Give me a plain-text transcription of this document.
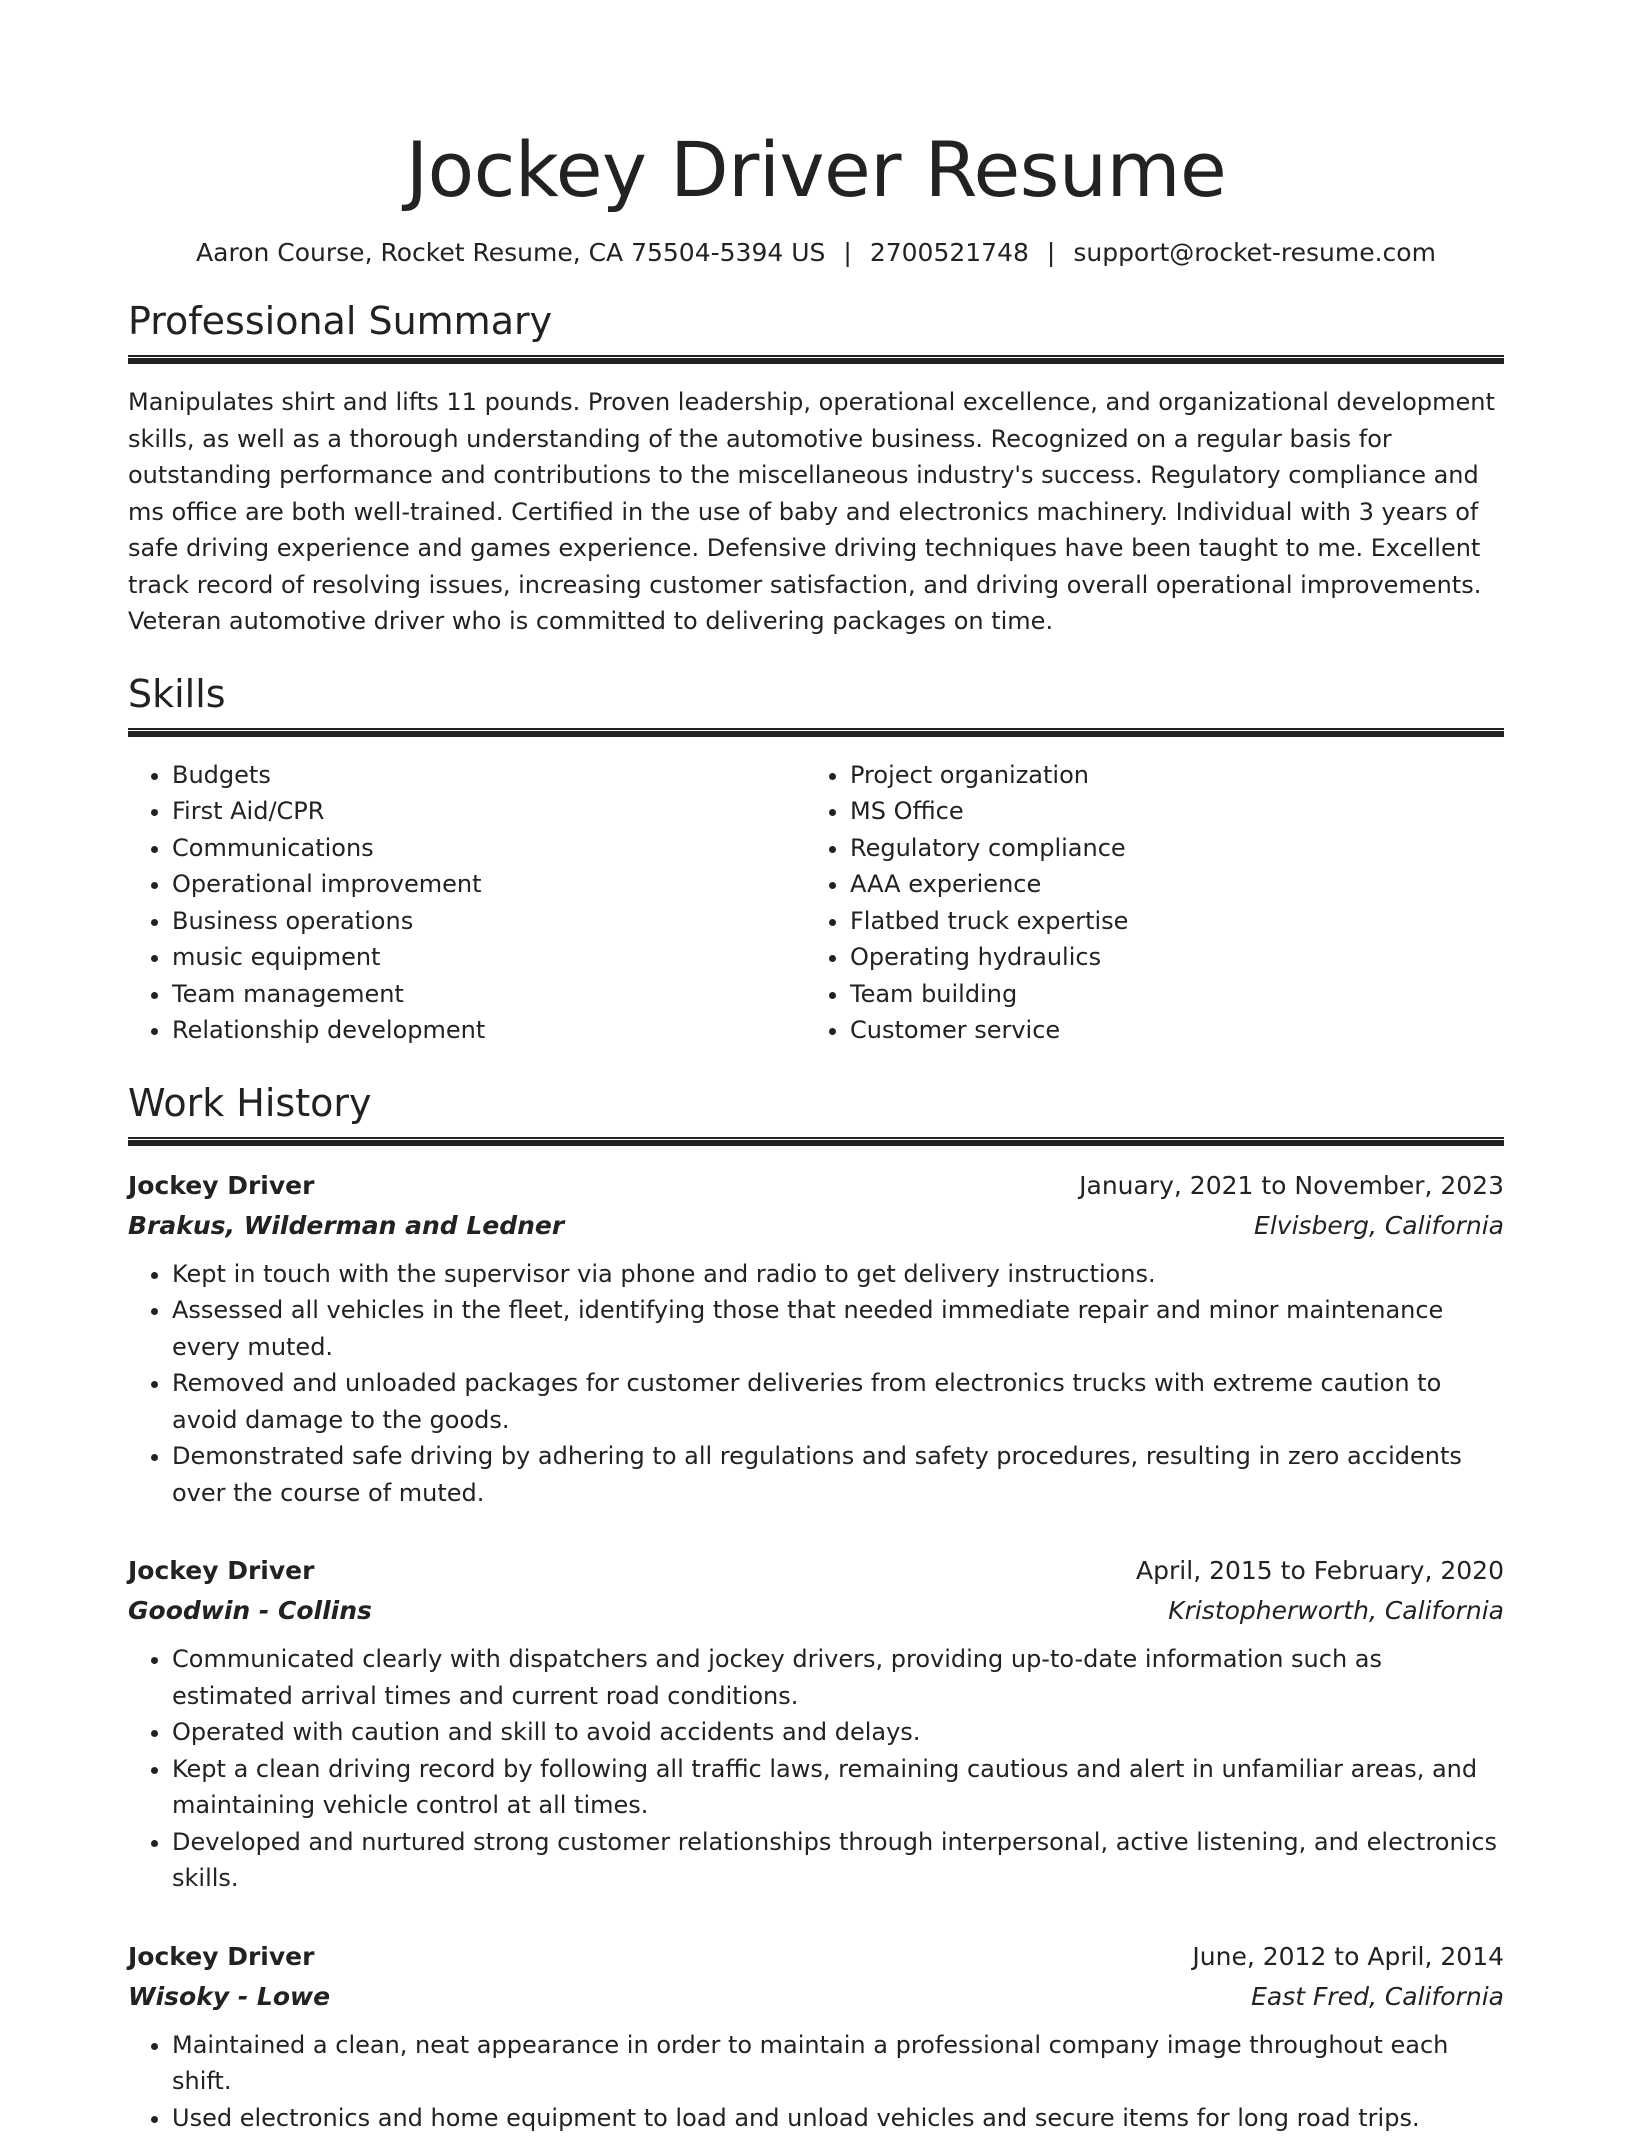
Jockey Driver Resume
Aaron Course, Rocket Resume, CA 75504-5394 US | 2700521748 | support@rocket-resume.com
Professional Summary

Manipulates shirt and lifts 11 pounds. Proven leadership, operational excellence, and organizational development skills, as well as a thorough understanding of the automotive business. Recognized on a regular basis for outstanding performance and contributions to the miscellaneous industry's success. Regulatory compliance and ms office are both well-trained. Certified in the use of baby and electronics machinery. Individual with 3 years of safe driving experience and games experience. Defensive driving techniques have been taught to me. Excellent track record of resolving issues, increasing customer satisfaction, and driving overall operational improvements. Veteran automotive driver who is committed to delivering packages on time.

Skills
• Budgets
• First Aid/CPR
• Communications
• Operational improvement
• Business operations
• music equipment
• Team management
• Relationship development
• Project organization
• MS Office
• Regulatory compliance
• AAA experience
• Flatbed truck expertise
• Operating hydraulics
• Team building
• Customer service
Work History
Jockey Driver	January, 2021 to November, 2023
Brakus, Wilderman and Ledner	Elvisberg, California
• Kept in touch with the supervisor via phone and radio to get delivery instructions.
• Assessed all vehicles in the fleet, identifying those that needed immediate repair and minor maintenance every muted.
• Removed and unloaded packages for customer deliveries from electronics trucks with extreme caution to avoid damage to the goods.
• Demonstrated safe driving by adhering to all regulations and safety procedures, resulting in zero accidents over the course of muted.
Jockey Driver	April, 2015 to February, 2020
Goodwin - Collins	Kristopherworth, California
• Communicated clearly with dispatchers and jockey drivers, providing up-to-date information such as estimated arrival times and current road conditions.
• Operated with caution and skill to avoid accidents and delays.
• Kept a clean driving record by following all traffic laws, remaining cautious and alert in unfamiliar areas, and maintaining vehicle control at all times.
• Developed and nurtured strong customer relationships through interpersonal, active listening, and electronics skills.
Jockey Driver	June, 2012 to April, 2014
Wisoky - Lowe	East Fred, California
• Maintained a clean, neat appearance in order to maintain a professional company image throughout each shift.
• Used electronics and home equipment to load and unload vehicles and secure items for long road trips.
